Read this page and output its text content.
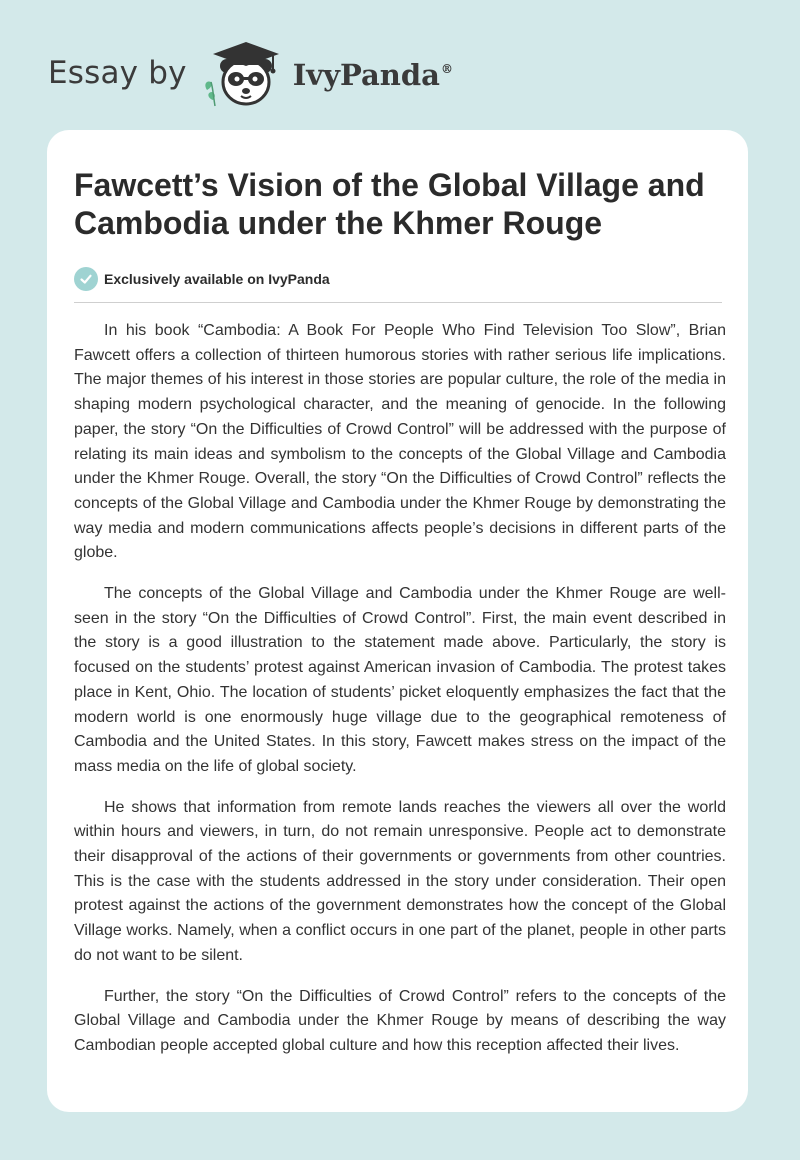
Essay by	IvyPanda®
Fawcett’s Vision of the Global Village and Cambodia under the Khmer Rouge
Exclusively available on IvyPanda

In his book “Cambodia: A Book For People Who Find Television Too Slow”, Brian Fawcett offers a collection of thirteen humorous stories with rather serious life implications. The major themes of his interest in those stories are popular culture, the role of the media in shaping modern psychological character, and the meaning of genocide. In the following paper, the story “On the Difficulties of Crowd Control” will be addressed with the purpose of relating its main ideas and symbolism to the concepts of the Global Village and Cambodia under the Khmer Rouge. Overall, the story “On the Difficulties of Crowd Control” reflects the concepts of the Global Village and Cambodia under the Khmer Rouge by demonstrating the way media and modern communications affects people’s decisions in different parts of the globe.

The concepts of the Global Village and Cambodia under the Khmer Rouge are well-seen in the story “On the Difficulties of Crowd Control”. First, the main event described in the story is a good illustration to the statement made above. Particularly, the story is focused on the students’ protest against American invasion of Cambodia. The protest takes place in Kent, Ohio. The location of students’ picket eloquently emphasizes the fact that the modern world is one enormously huge village due to the geographical remoteness of Cambodia and the United States. In this story, Fawcett makes stress on the impact of the mass media on the life of global society.

He shows that information from remote lands reaches the viewers all over the world within hours and viewers, in turn, do not remain unresponsive. People act to demonstrate their disapproval of the actions of their governments or governments from other countries. This is the case with the students addressed in the story under consideration. Their open protest against the actions of the government demonstrates how the concept of the Global Village works. Namely, when a conflict occurs in one part of the planet, people in other parts do not want to be silent.

Further, the story “On the Difficulties of Crowd Control” refers to the concepts of the Global Village and Cambodia under the Khmer Rouge by means of describing the way Cambodian people accepted global culture and how this reception affected their lives.
